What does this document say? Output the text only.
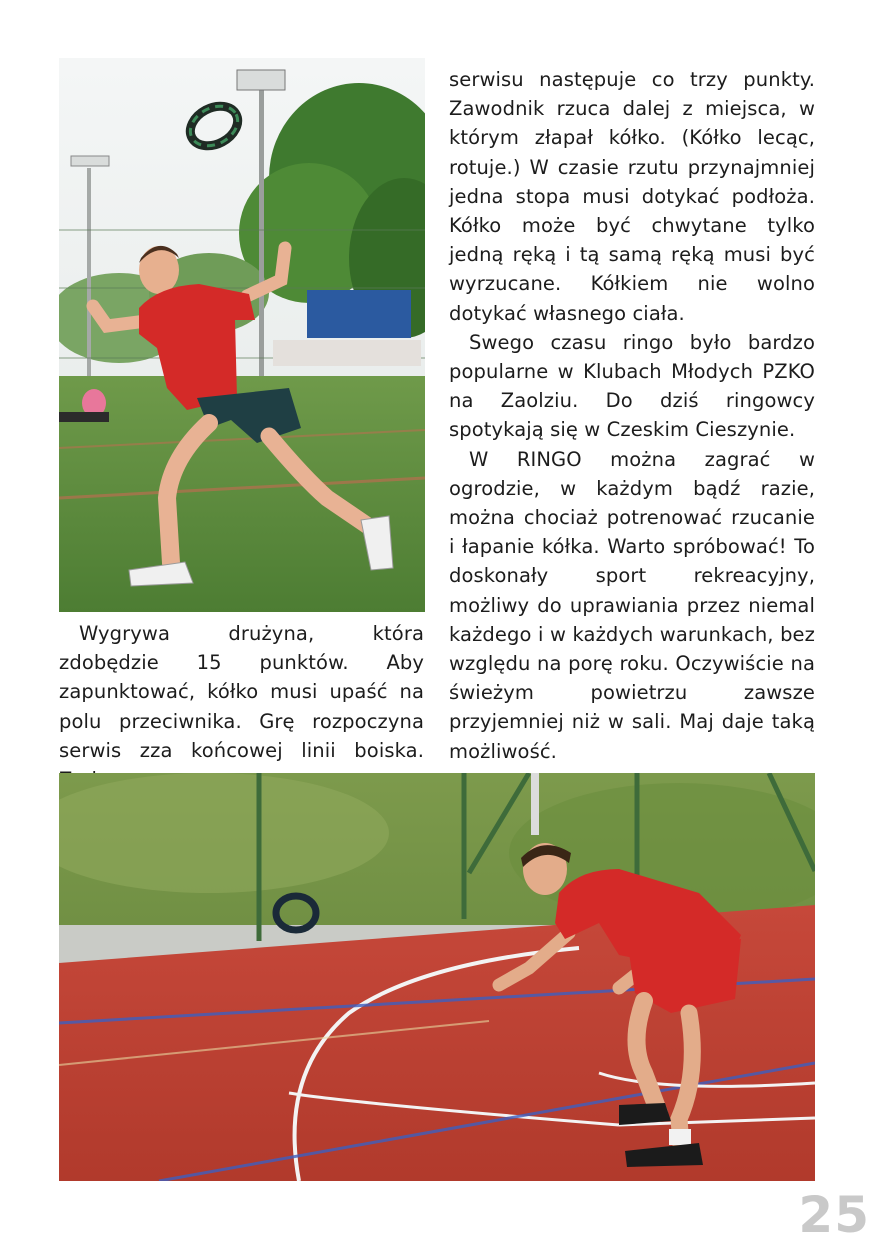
serwisu następuje co trzy punkty. Zawodnik rzuca dalej z miejsca, w którym złapał kółko. (Kółko lecąc, rotuje.) W czasie rzutu przynajmniej jedna stopa musi dotykać podłoża. Kółko może być chwytane tylko jedną ręką i tą samą ręką musi być wyrzucane. Kółkiem nie wolno dotykać własnego ciała.

Swego czasu ringo było bardzo popularne w Klubach Młodych PZKO na Zaolziu. Do dziś ringowcy spotykają się w Czeskim Cieszynie.

W RINGO można zagrać w ogrodzie, w każdym bądź razie, można chociaż potrenować rzucanie i łapanie kółka. Warto spróbować! To doskonały sport rekreacyjny, możliwy do uprawiania przez niemal każdego i w każdych warunkach, bez względu na porę roku. Oczywiście na świeżym powietrzu zawsze przyjemniej niż w sali. Maj daje taką możliwość.

Wygrywa drużyna, która zdobędzie 15 punktów. Aby zapunktować, kółko musi upaść na polu przeciwnika. Grę rozpoczyna serwis zza końcowej linii boiska.

25
